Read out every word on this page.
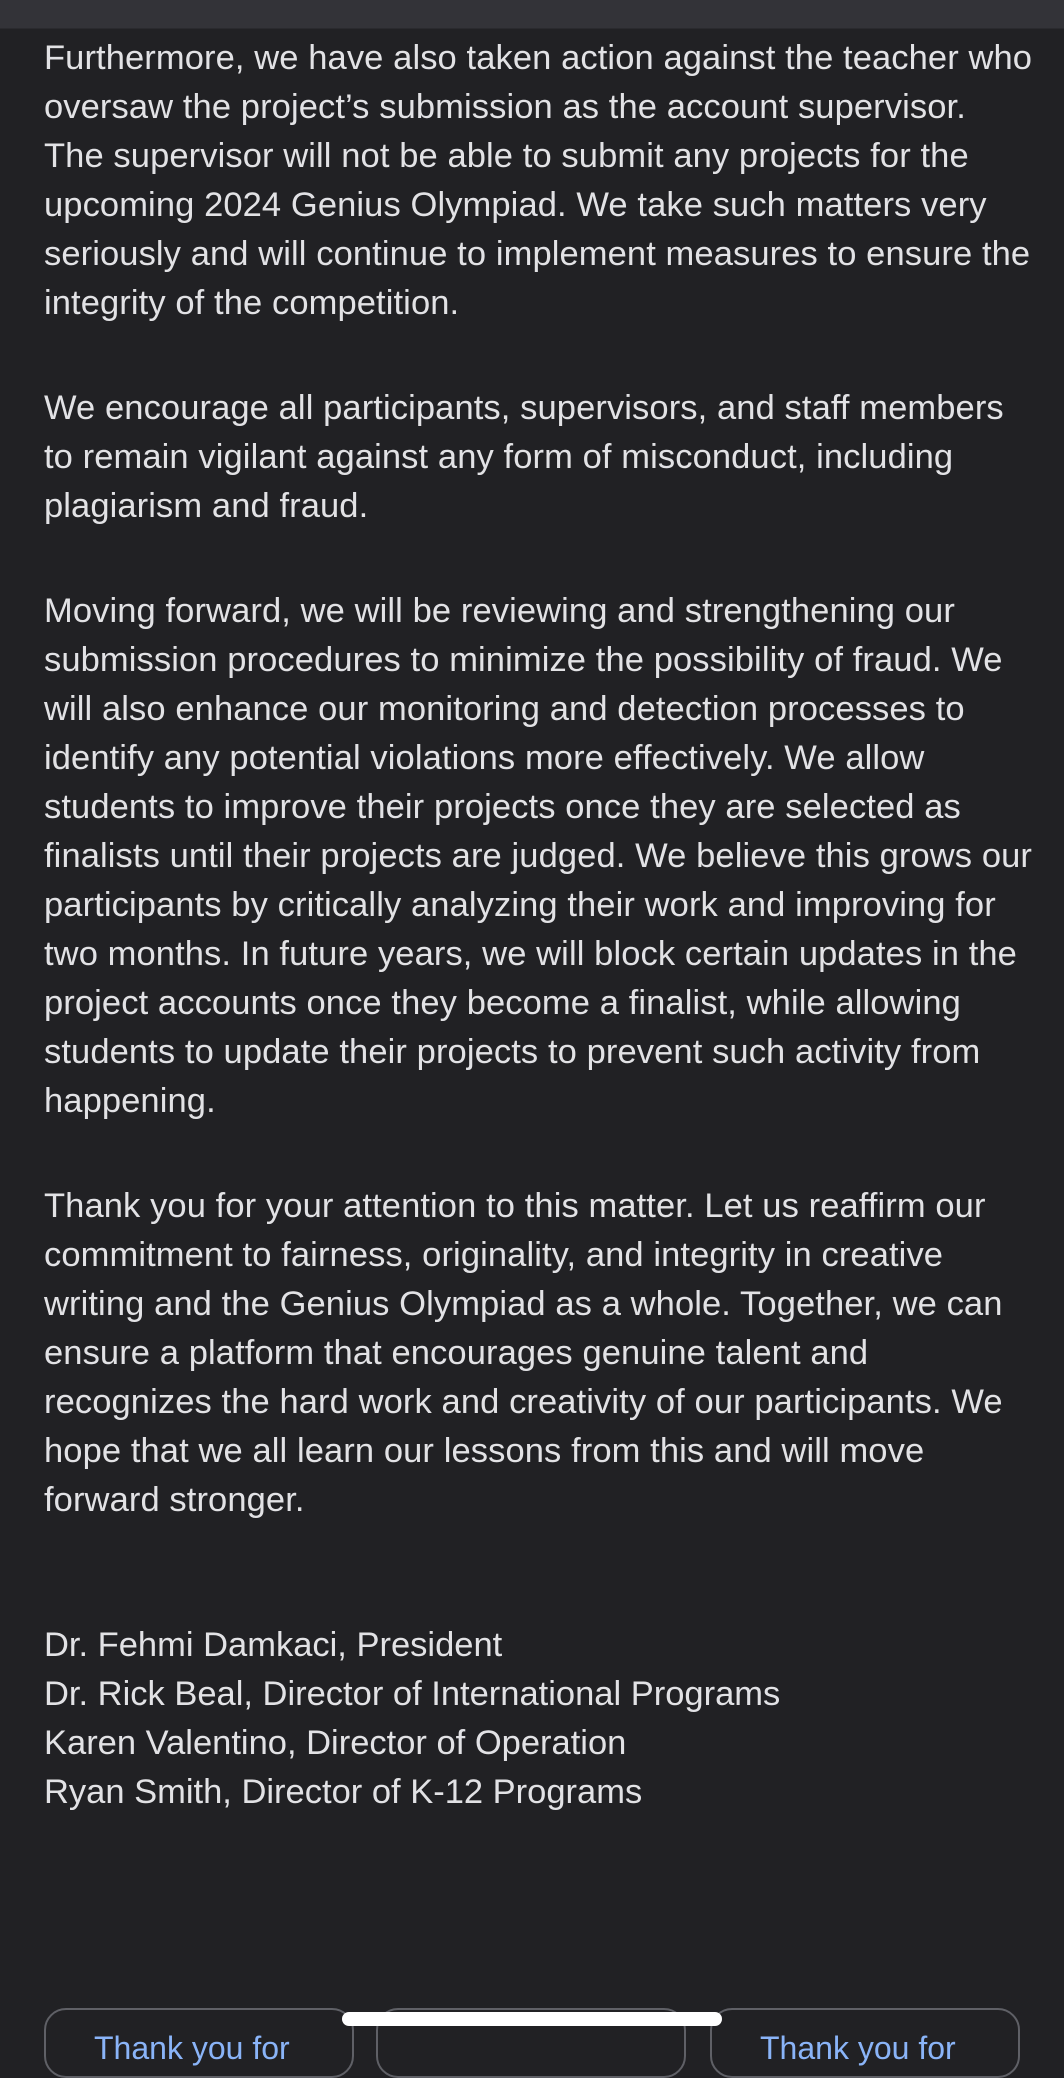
Furthermore, we have also taken action against the teacher who oversaw the project’s submission as the account supervisor. The supervisor will not be able to submit any projects for the upcoming 2024 Genius Olympiad. We take such matters very seriously and will continue to implement measures to ensure the integrity of the competition.

We encourage all participants, supervisors, and staff members to remain vigilant against any form of misconduct, including plagiarism and fraud.

Moving forward, we will be reviewing and strengthening our submission procedures to minimize the possibility of fraud. We will also enhance our monitoring and detection processes to identify any potential violations more effectively. We allow students to improve their projects once they are selected as finalists until their projects are judged. We believe this grows our participants by critically analyzing their work and improving for two months. In future years, we will block certain updates in the project accounts once they become a finalist, while allowing students to update their projects to prevent such activity from happening.

Thank you for your attention to this matter. Let us reaffirm our commitment to fairness, originality, and integrity in creative writing and the Genius Olympiad as a whole. Together, we can ensure a platform that encourages genuine talent and recognizes the hard work and creativity of our participants. We hope that we all learn our lessons from this and will move forward stronger.

Dr. Fehmi Damkaci, President
Dr. Rick Beal, Director of International Programs
Karen Valentino, Director of Operation
Ryan Smith, Director of K-12 Programs
Thank you for	Thank you for
